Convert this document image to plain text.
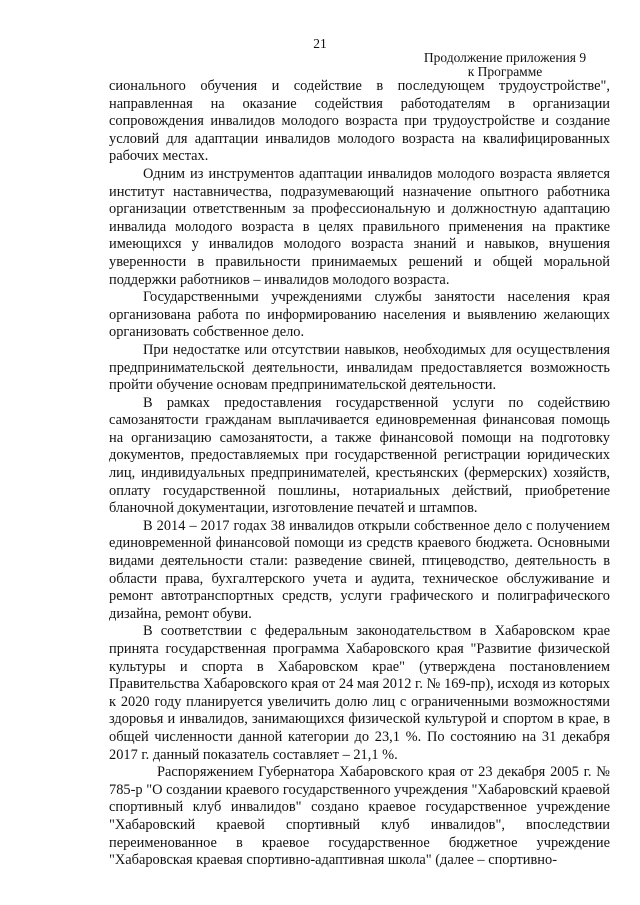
21
Продолжение приложения 9
к Программе

сионального обучения и содействие в последующем трудоустройстве", направленная на оказание содействия работодателям в организации сопровождения инвалидов молодого возраста при трудоустройстве и создание условий для адаптации инвалидов молодого возраста на квалифицированных рабочих местах.

Одним из инструментов адаптации инвалидов молодого возраста является институт наставничества, подразумевающий назначение опытного работника организации ответственным за профессиональную и должностную адаптацию инвалида молодого возраста в целях правильного применения на практике имеющихся у инвалидов молодого возраста знаний и навыков, внушения уверенности в правильности принимаемых решений и общей моральной поддержки работников – инвалидов молодого возраста.

Государственными учреждениями службы занятости населения края организована работа по информированию населения и выявлению желающих организовать собственное дело.

При недостатке или отсутствии навыков, необходимых для осуществления предпринимательской деятельности, инвалидам предоставляется возможность пройти обучение основам предпринимательской деятельности.

В рамках предоставления государственной услуги по содействию самозанятости гражданам выплачивается единовременная финансовая помощь на организацию самозанятости, а также финансовой помощи на подготовку документов, предоставляемых при государственной регистрации юридических лиц, индивидуальных предпринимателей, крестьянских (фермерских) хозяйств, оплату государственной пошлины, нотариальных действий, приобретение бланочной документации, изготовление печатей и штампов.

В 2014 – 2017 годах 38 инвалидов открыли собственное дело с получением единовременной финансовой помощи из средств краевого бюджета. Основными видами деятельности стали: разведение свиней, птицеводство, деятельность в области права, бухгалтерского учета и аудита, техническое обслуживание и ремонт автотранспортных средств, услуги графического и полиграфического дизайна, ремонт обуви.

В соответствии с федеральным законодательством в Хабаровском крае принята государственная программа Хабаровского края "Развитие физической культуры и спорта в Хабаровском крае" (утверждена постановлением Правительства Хабаровского края от 24 мая 2012 г. № 169-пр), исходя из которых к 2020 году планируется увеличить долю лиц с ограниченными возможностями здоровья и инвалидов, занимающихся физической культурой и спортом в крае, в общей численности данной категории до 23,1 %. По состоянию на 31 декабря 2017 г. данный показатель составляет – 21,1 %.

Распоряжением Губернатора Хабаровского края от 23 декабря 2005 г. № 785-р "О создании краевого государственного учреждения "Хабаровский краевой спортивный клуб инвалидов" создано краевое государственное учреждение "Хабаровский краевой спортивный клуб инвалидов", впоследствии переименованное в краевое государственное бюджетное учреждение "Хабаровская краевая спортивно-адаптивная школа" (далее – спортивно-
